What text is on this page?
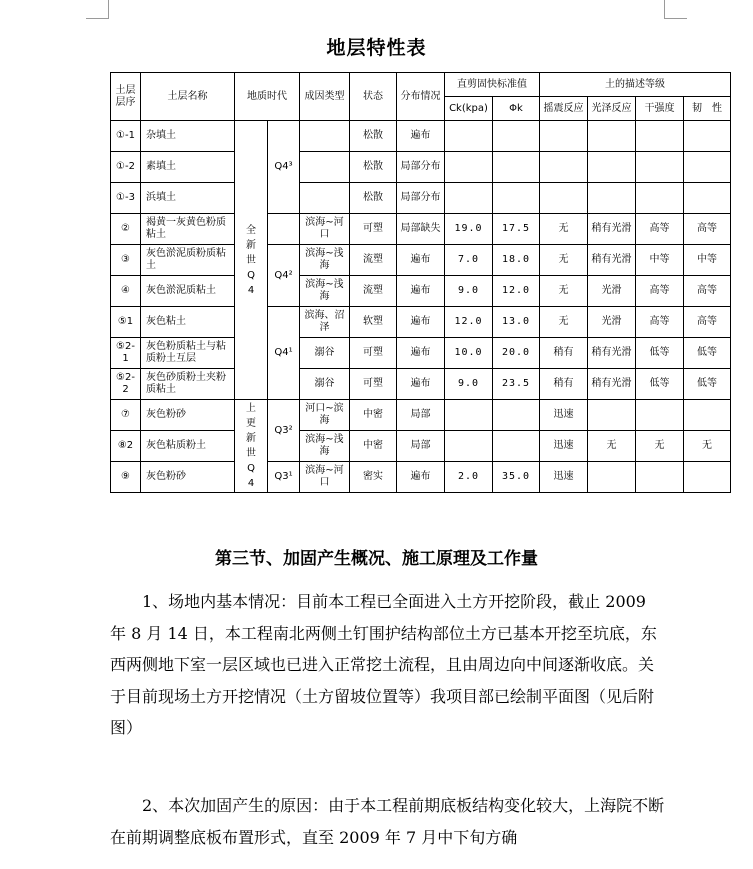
地层特性表
土层层序	土层名称	地质时代		成因类型	状态	分布情况	直剪固快标准值		土的描述等级			
							Ck(kpa)	Φk	摇震反应	光泽反应	干强度	韧　性
①-1	杂填土	全新世Q4	Q4³		松散	遍布						
①-2	素填土				松散	局部分布						
①-3	浜填土				松散	局部分布						
②	褐黄一灰黄色粉质粘土			滨海~河口	可塑	局部缺失	19.0	17.5	无	稍有光滑	高等	高等
③	灰色淤泥质粉质粘土		Q4²	滨海~浅海	流塑	遍布	7.0	18.0	无	稍有光滑	中等	中等
④	灰色淤泥质粘土			滨海~浅海	流塑	遍布	9.0	12.0	无	光滑	高等	高等
⑤1	灰色粘土		Q4¹	滨海、沼泽	软塑	遍布	12.0	13.0	无	光滑	高等	高等
⑤2-1	灰色粉质粘土与粘质粉土互层			溺谷	可塑	遍布	10.0	20.0	稍有	稍有光滑	低等	低等
⑤2-2	灰色砂质粉土夹粉质粘土			溺谷	可塑	遍布	9.0	23.5	稍有	稍有光滑	低等	低等
⑦	灰色粉砂	上更新世Q4	Q3²	河口~滨海	中密	局部			迅速			
⑧2	灰色粘质粉土			滨海~浅海	中密	局部			迅速	无	无	无
⑨	灰色粉砂		Q3¹	滨海~河口	密实	遍布	2.0	35.0	迅速			
第三节、加固产生概况、施工原理及工作量
1、场地内基本情况：目前本工程已全面进入土方开挖阶段，截止 2009 年 8 月 14 日，本工程南北两侧土钉围护结构部位土方已基本开挖至坑底，东西两侧地下室一层区域也已进入正常挖土流程，且由周边向中间逐渐收底。关于目前现场土方开挖情况（土方留坡位置等）我项目部已绘制平面图（见后附图）
2、本次加固产生的原因：由于本工程前期底板结构变化较大，上海院不断在前期调整底板布置形式，直至 2009 年 7 月中下旬方确
